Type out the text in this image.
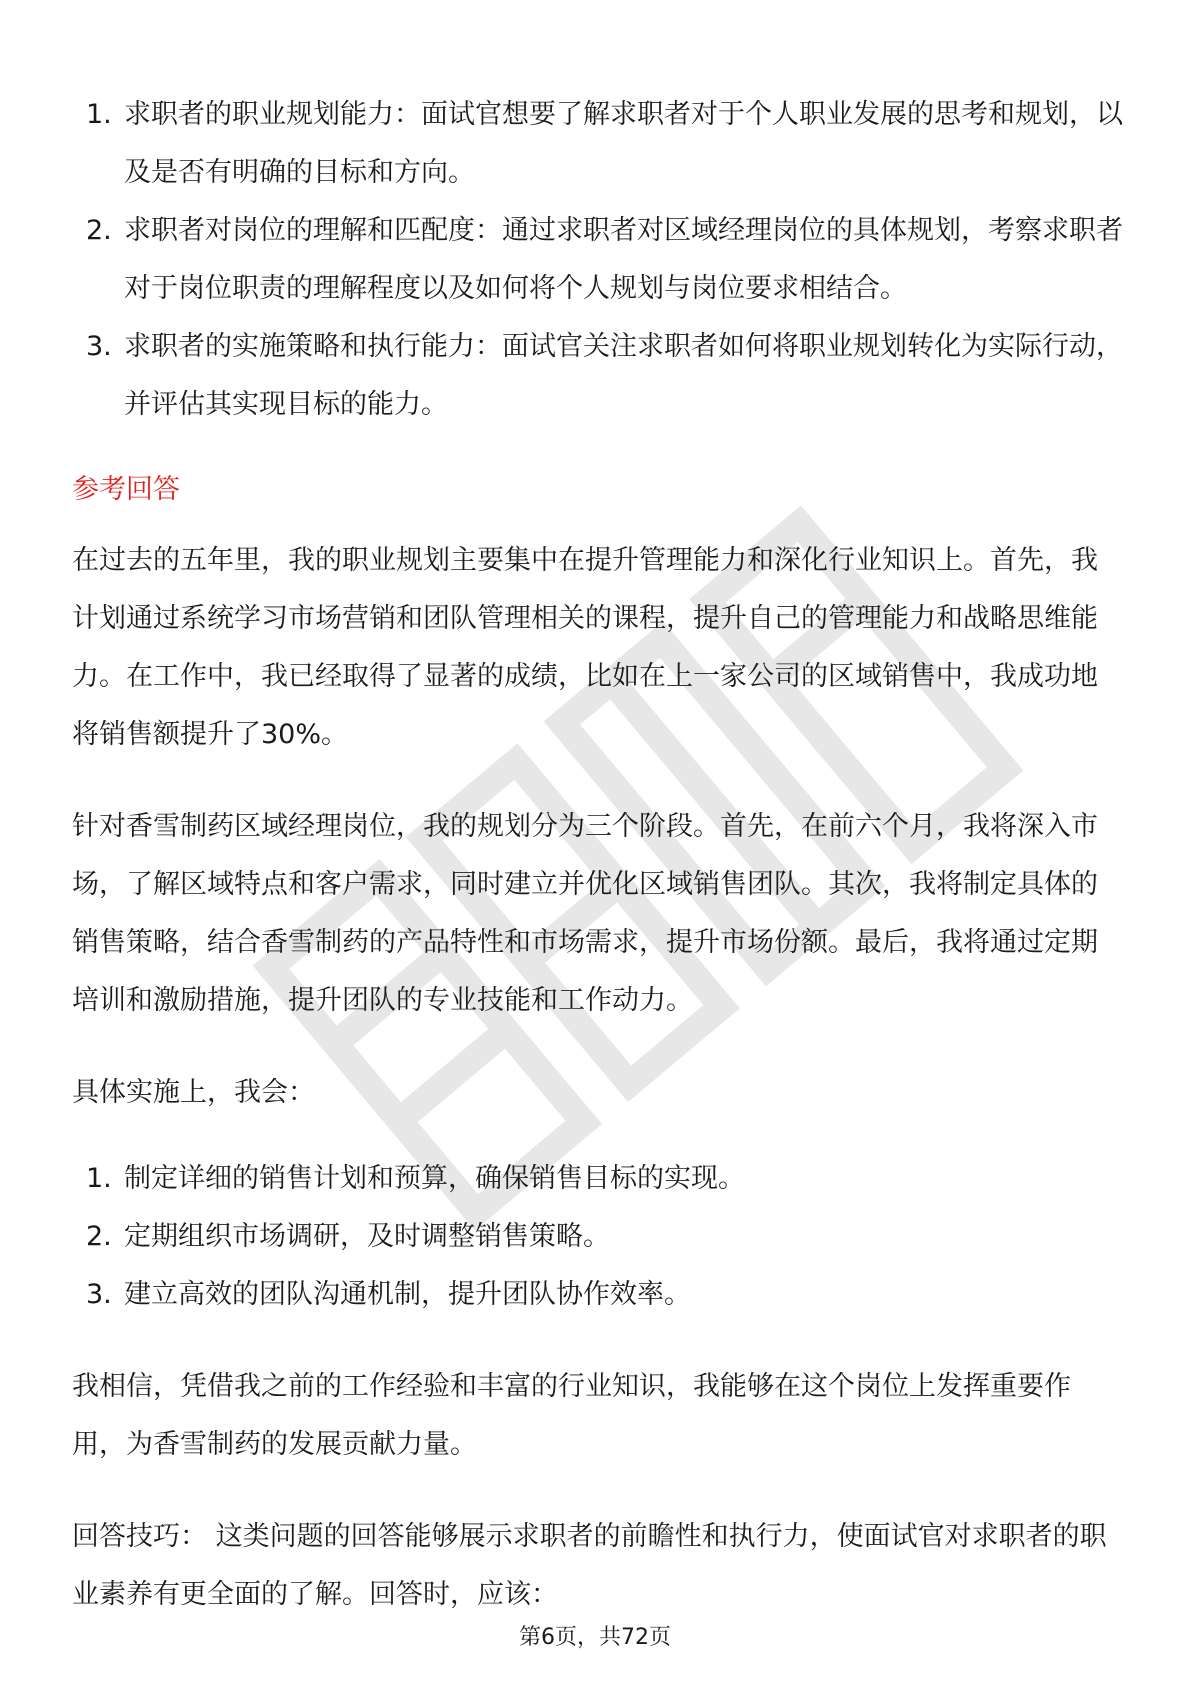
1. 求职者的职业规划能力：面试官想要了解求职者对于个人职业发展的思考和规划，以及是否有明确的目标和方向。
2. 求职者对岗位的理解和匹配度：通过求职者对区域经理岗位的具体规划，考察求职者对于岗位职责的理解程度以及如何将个人规划与岗位要求相结合。
3. 求职者的实施策略和执行能力：面试官关注求职者如何将职业规划转化为实际行动，并评估其实现目标的能力。
参考回答

在过去的五年里，我的职业规划主要集中在提升管理能力和深化行业知识上。首先，我计划通过系统学习市场营销和团队管理相关的课程，提升自己的管理能力和战略思维能力。在工作中，我已经取得了显著的成绩，比如在上一家公司的区域销售中，我成功地将销售额提升了30%。

针对香雪制药区域经理岗位，我的规划分为三个阶段。首先，在前六个月，我将深入市场，了解区域特点和客户需求，同时建立并优化区域销售团队。其次，我将制定具体的销售策略，结合香雪制药的产品特性和市场需求，提升市场份额。最后，我将通过定期培训和激励措施，提升团队的专业技能和工作动力。

具体实施上，我会：

1. 制定详细的销售计划和预算，确保销售目标的实现。
2. 定期组织市场调研，及时调整销售策略。
3. 建立高效的团队沟通机制，提升团队协作效率。

我相信，凭借我之前的工作经验和丰富的行业知识，我能够在这个岗位上发挥重要作用，为香雪制药的发展贡献力量。

回答技巧： 这类问题的回答能够展示求职者的前瞻性和执行力，使面试官对求职者的职业素养有更全面的了解。回答时，应该：

第6页，共72页
